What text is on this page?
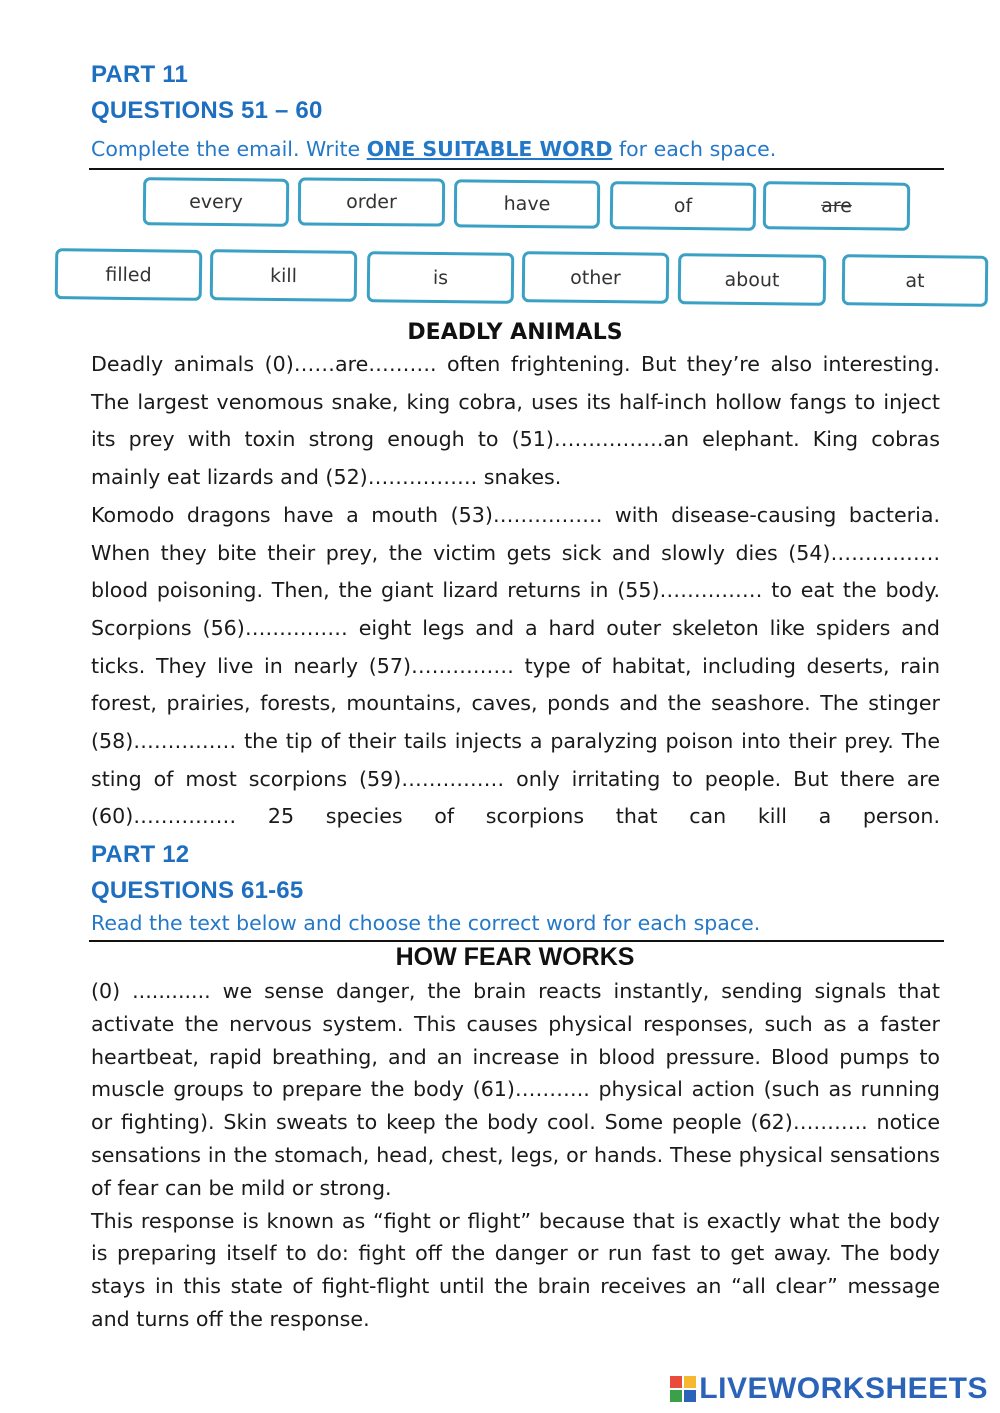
PART 11
QUESTIONS 51 – 60
Complete the email. Write ONE SUITABLE WORD for each space.
every	order	have	of	are
filled	kill	is	other	about	at
DEADLY ANIMALS

Deadly animals (0)……are………. often frightening. But they’re also interesting. The largest venomous snake, king cobra, uses its half-inch hollow fangs to inject its prey with toxin strong enough to (51)…………….an elephant. King cobras mainly eat lizards and (52)……………. snakes.

Komodo dragons have a mouth (53)……………. with disease-causing bacteria. When they bite their prey, the victim gets sick and slowly dies (54)……………. blood poisoning. Then, the giant lizard returns in (55)…………… to eat the body. Scorpions (56)…………… eight legs and a hard outer skeleton like spiders and ticks. They live in nearly (57)…………… type of habitat, including deserts, rain forest, prairies, forests, mountains, caves, ponds and the seashore. The stinger (58)…………… the tip of their tails injects a paralyzing poison into their prey. The sting of most scorpions (59)…………… only irritating to people. But there are (60)…………… 25 species of scorpions that can kill a person.

PART 12
QUESTIONS 61-65
Read the text below and choose the correct word for each space.
HOW FEAR WORKS

(0) ............ we sense danger, the brain reacts instantly, sending signals that activate the nervous system. This causes physical responses, such as a faster heartbeat, rapid breathing, and an increase in blood pressure. Blood pumps to muscle groups to prepare the body (61)……….. physical action (such as running or fighting). Skin sweats to keep the body cool. Some people (62)……….. notice sensations in the stomach, head, chest, legs, or hands. These physical sensations of fear can be mild or strong.

This response is known as “fight or flight” because that is exactly what the body is preparing itself to do: fight off the danger or run fast to get away. The body stays in this state of fight-flight until the brain receives an “all clear” message and turns off the response.

LIVEWORKSHEETS
